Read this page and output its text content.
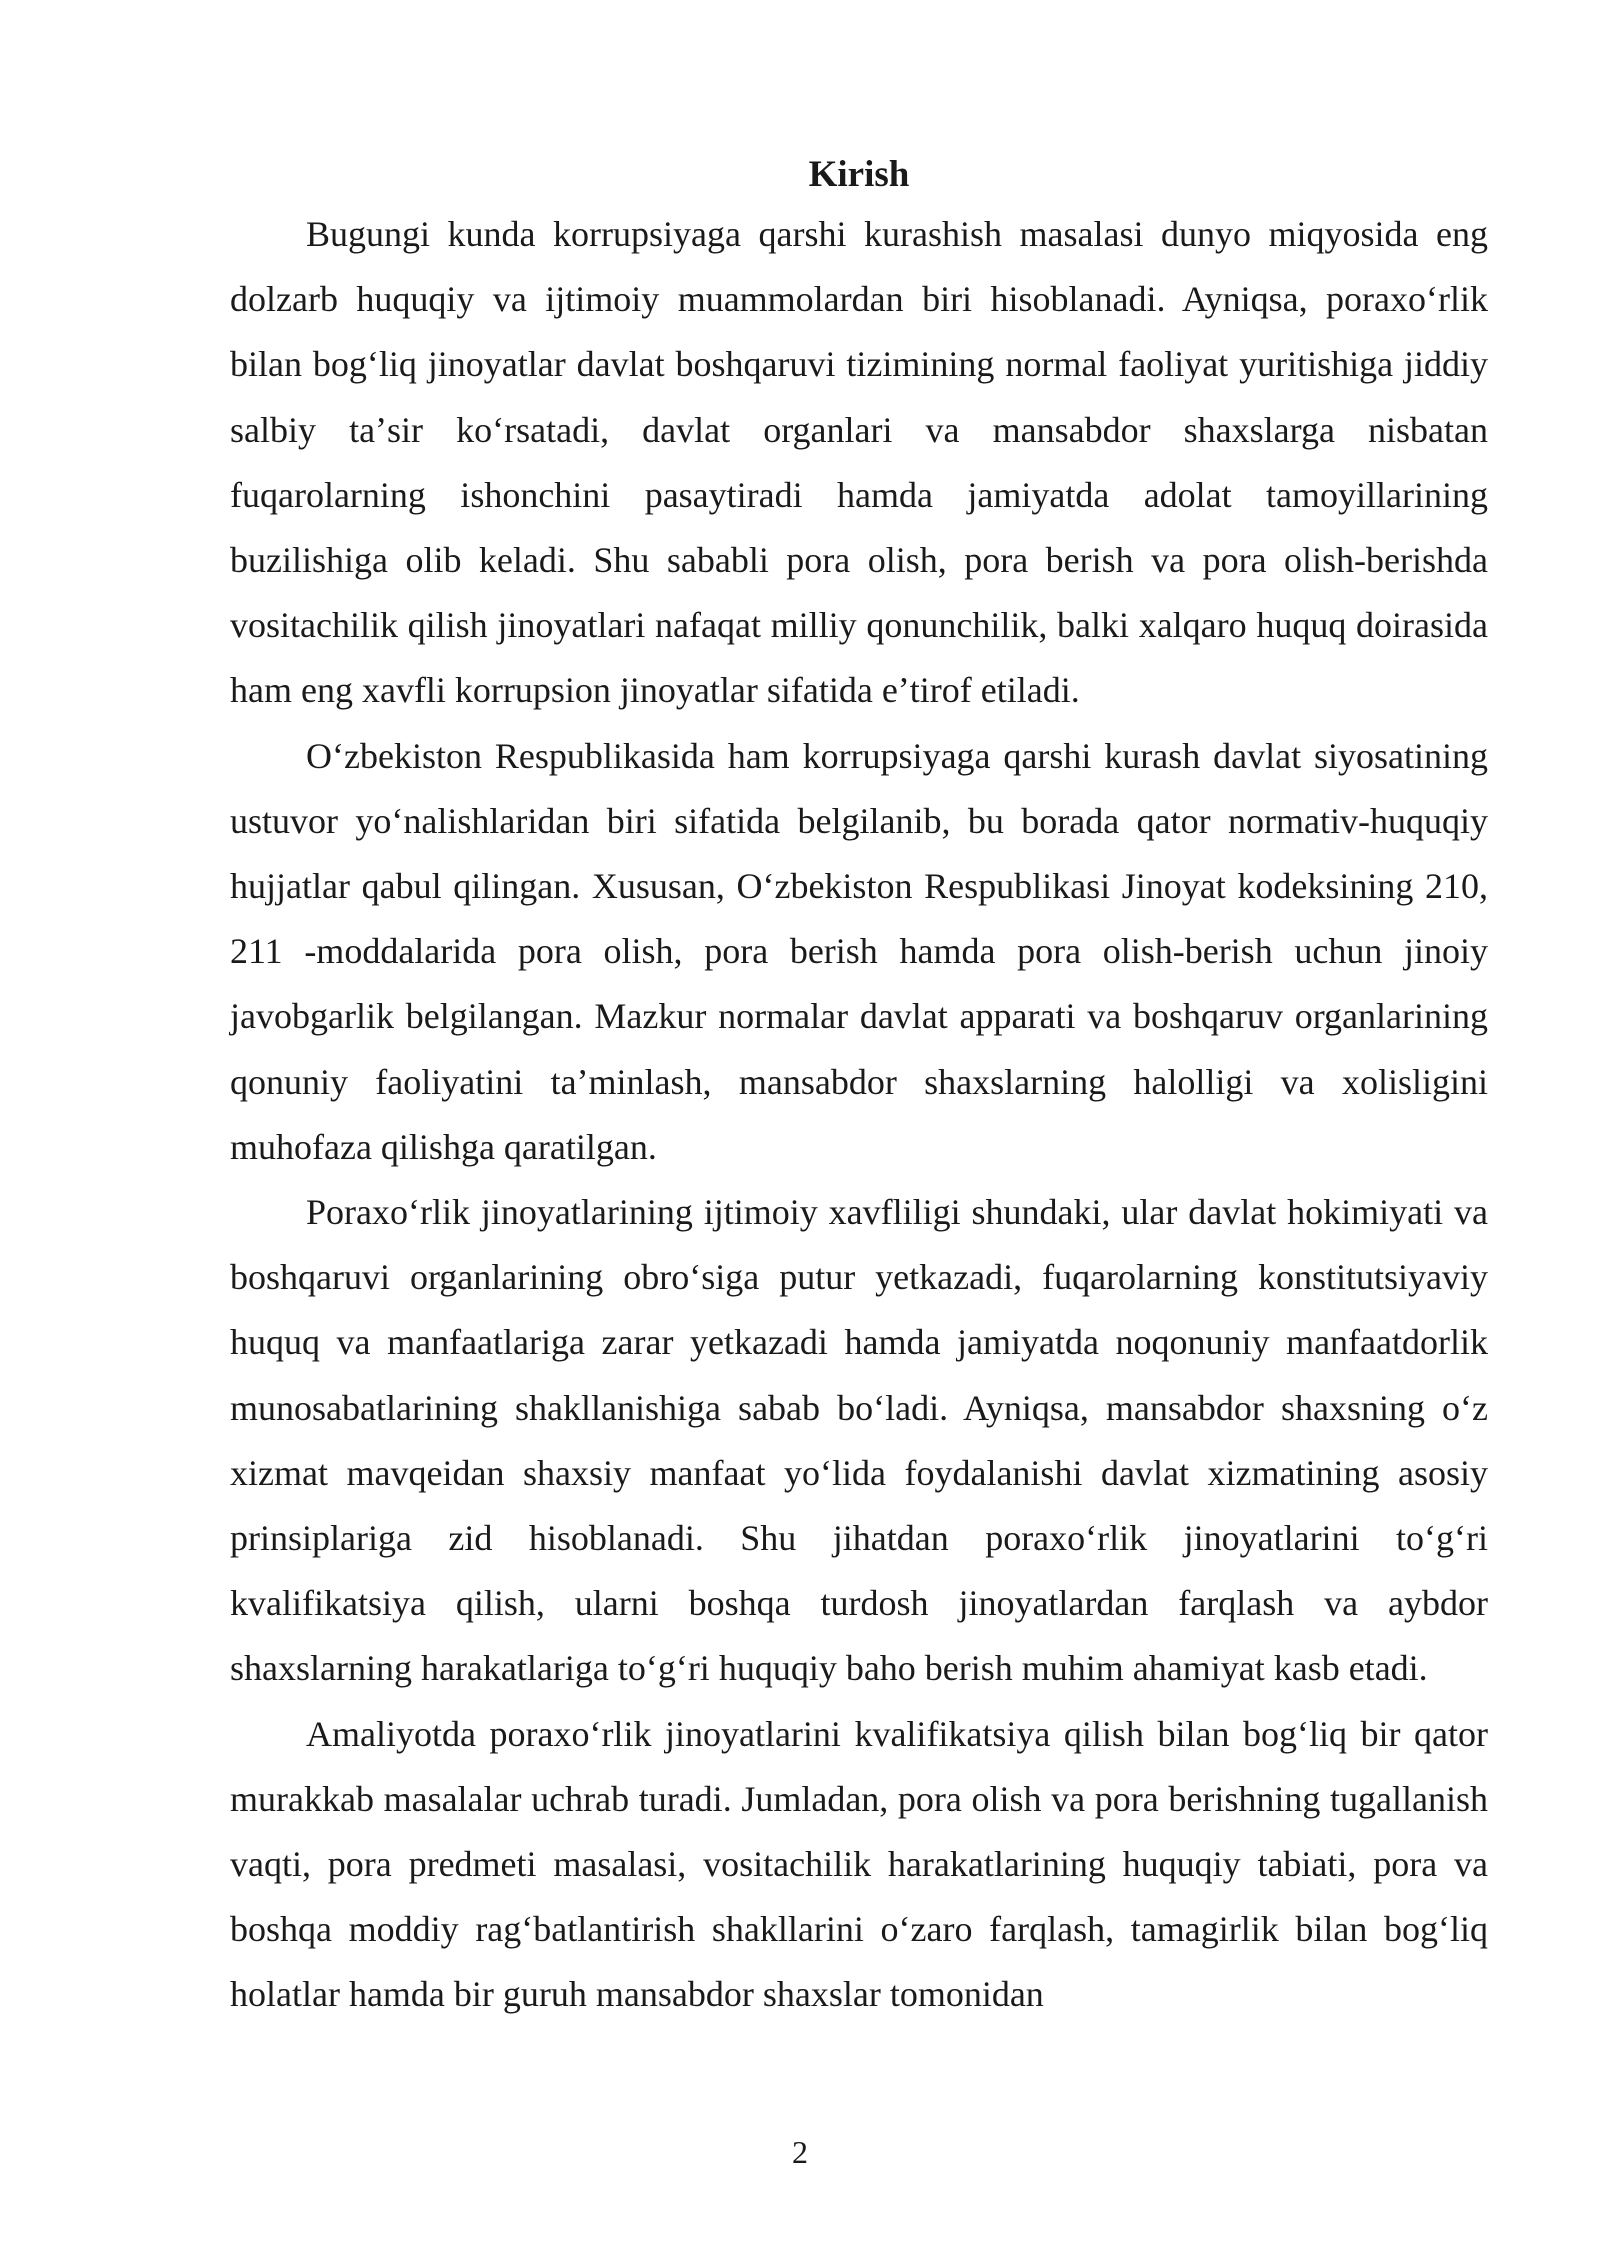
Kirish

Bugungi kunda korrupsiyaga qarshi kurashish masalasi dunyo miqyosida eng dolzarb huquqiy va ijtimoiy muammolardan biri hisoblanadi. Ayniqsa, poraxoʻrlik bilan bogʻliq jinoyatlar davlat boshqaruvi tizimining normal faoliyat yuritishiga jiddiy salbiy taʼsir koʻrsatadi, davlat organlari va mansabdor shaxslarga nisbatan fuqarolarning ishonchini pasaytiradi hamda jamiyatda adolat tamoyillarining buzilishiga olib keladi. Shu sababli pora olish, pora berish va pora olish-berishda vositachilik qilish jinoyatlari nafaqat milliy qonunchilik, balki xalqaro huquq doirasida ham eng xavfli korrupsion jinoyatlar sifatida eʼtirof etiladi.

Oʻzbekiston Respublikasida ham korrupsiyaga qarshi kurash davlat siyosatining ustuvor yoʻnalishlaridan biri sifatida belgilanib, bu borada qator normativ-huquqiy hujjatlar qabul qilingan. Xususan, Oʻzbekiston Respublikasi Jinoyat kodeksining 210, 211 -moddalarida pora olish, pora berish hamda pora olish-berish uchun jinoiy javobgarlik belgilangan. Mazkur normalar davlat apparati va boshqaruv organlarining qonuniy faoliyatini taʼminlash, mansabdor shaxslarning halolligi va xolisligini muhofaza qilishga qaratilgan.

Poraxoʻrlik jinoyatlarining ijtimoiy xavfliligi shundaki, ular davlat hokimiyati va boshqaruvi organlarining obroʻsiga putur yetkazadi, fuqarolarning konstitutsiyaviy huquq va manfaatlariga zarar yetkazadi hamda jamiyatda noqonuniy manfaatdorlik munosabatlarining shakllanishiga sabab boʻladi. Ayniqsa, mansabdor shaxsning oʻz xizmat mavqeidan shaxsiy manfaat yoʻlida foydalanishi davlat xizmatining asosiy prinsiplariga zid hisoblanadi. Shu jihatdan poraxoʻrlik jinoyatlarini toʻgʻri kvalifikatsiya qilish, ularni boshqa turdosh jinoyatlardan farqlash va aybdor shaxslarning harakatlariga toʻgʻri huquqiy baho berish muhim ahamiyat kasb etadi.

Amaliyotda poraxoʻrlik jinoyatlarini kvalifikatsiya qilish bilan bogʻliq bir qator murakkab masalalar uchrab turadi. Jumladan, pora olish va pora berishning tugallanish vaqti, pora predmeti masalasi, vositachilik harakatlarining huquqiy tabiati, pora va boshqa moddiy ragʻbatlantirish shakllarini oʻzaro farqlash, tamagirlik bilan bogʻliq holatlar hamda bir guruh mansabdor shaxslar tomonidan

2
